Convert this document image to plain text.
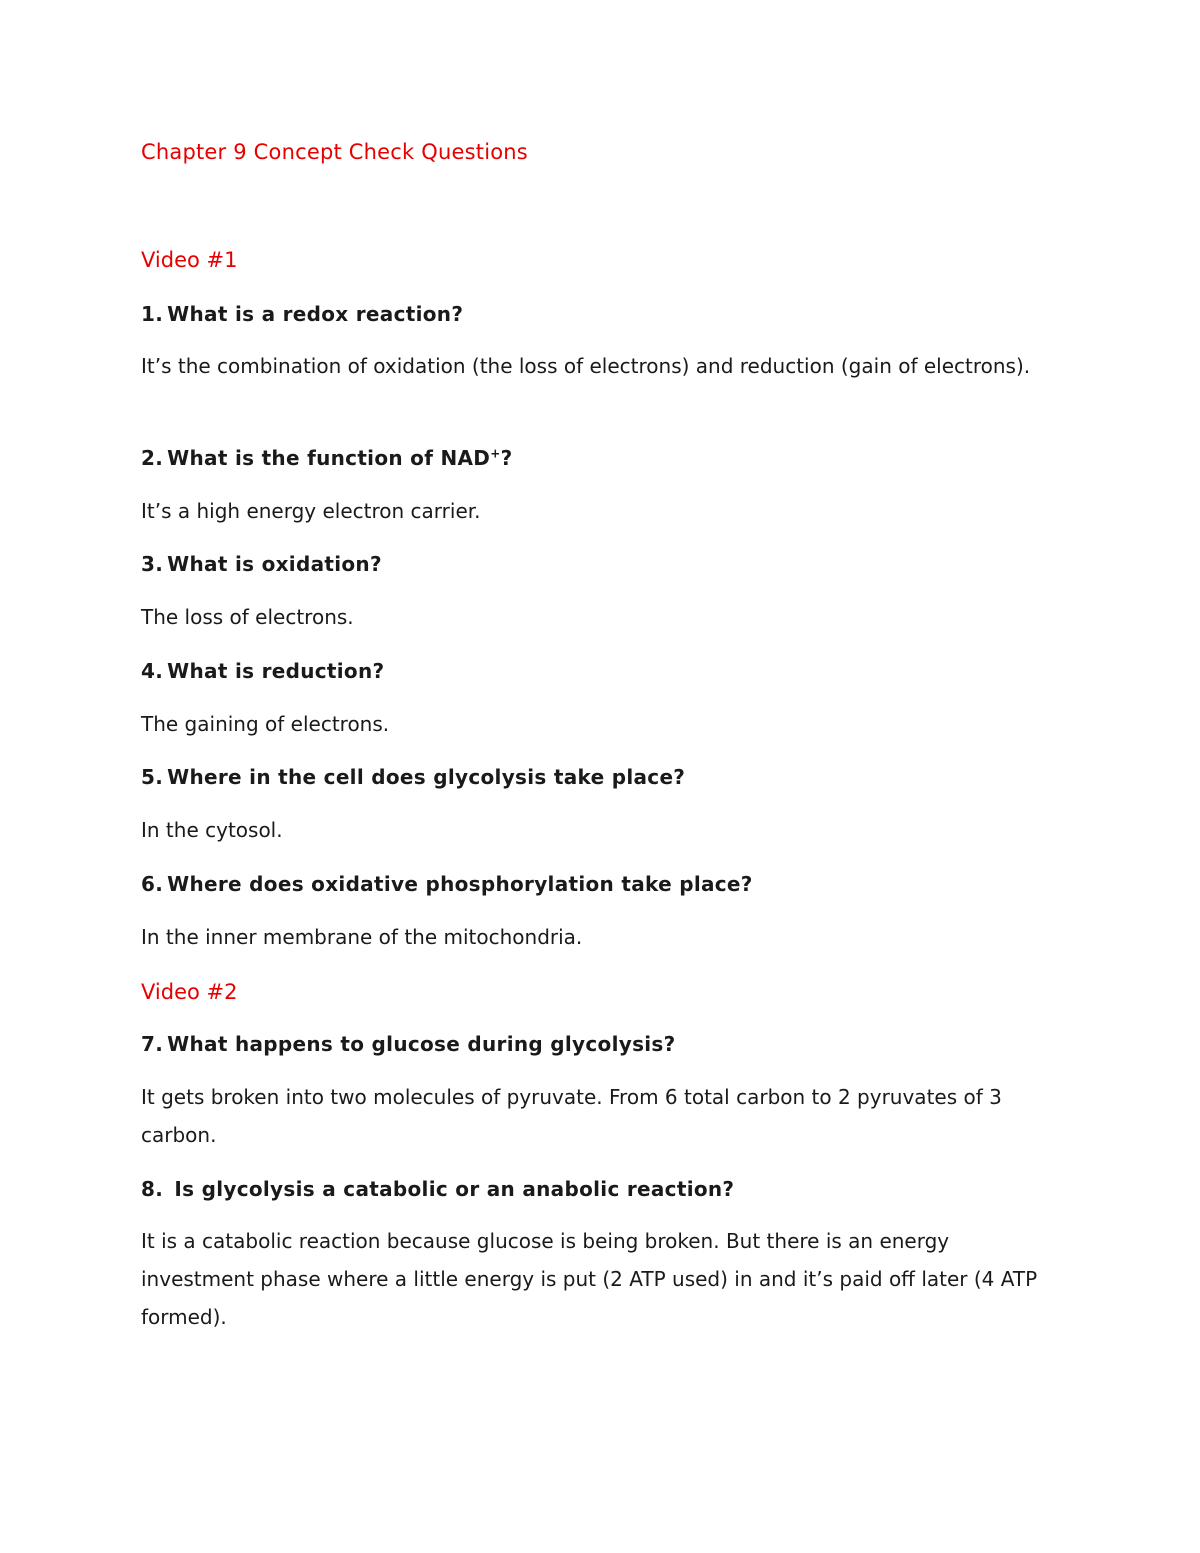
Chapter 9 Concept Check Questions
Video #1

1. What is a redox reaction?

It’s the combination of oxidation (the loss of electrons) and reduction (gain of electrons).

2. What is the function of NAD+?

It’s a high energy electron carrier.

3. What is oxidation?

The loss of electrons.

4. What is reduction?

The gaining of electrons.

5. Where in the cell does glycolysis take place?

In the cytosol.

6. Where does oxidative phosphorylation take place?

In the inner membrane of the mitochondria.

Video #2

7. What happens to glucose during glycolysis?

It gets broken into two molecules of pyruvate. From 6 total carbon to 2 pyruvates of 3 carbon.

8. Is glycolysis a catabolic or an anabolic reaction?

It is a catabolic reaction because glucose is being broken. But there is an energy investment phase where a little energy is put (2 ATP used) in and it’s paid off later (4 ATP formed).
